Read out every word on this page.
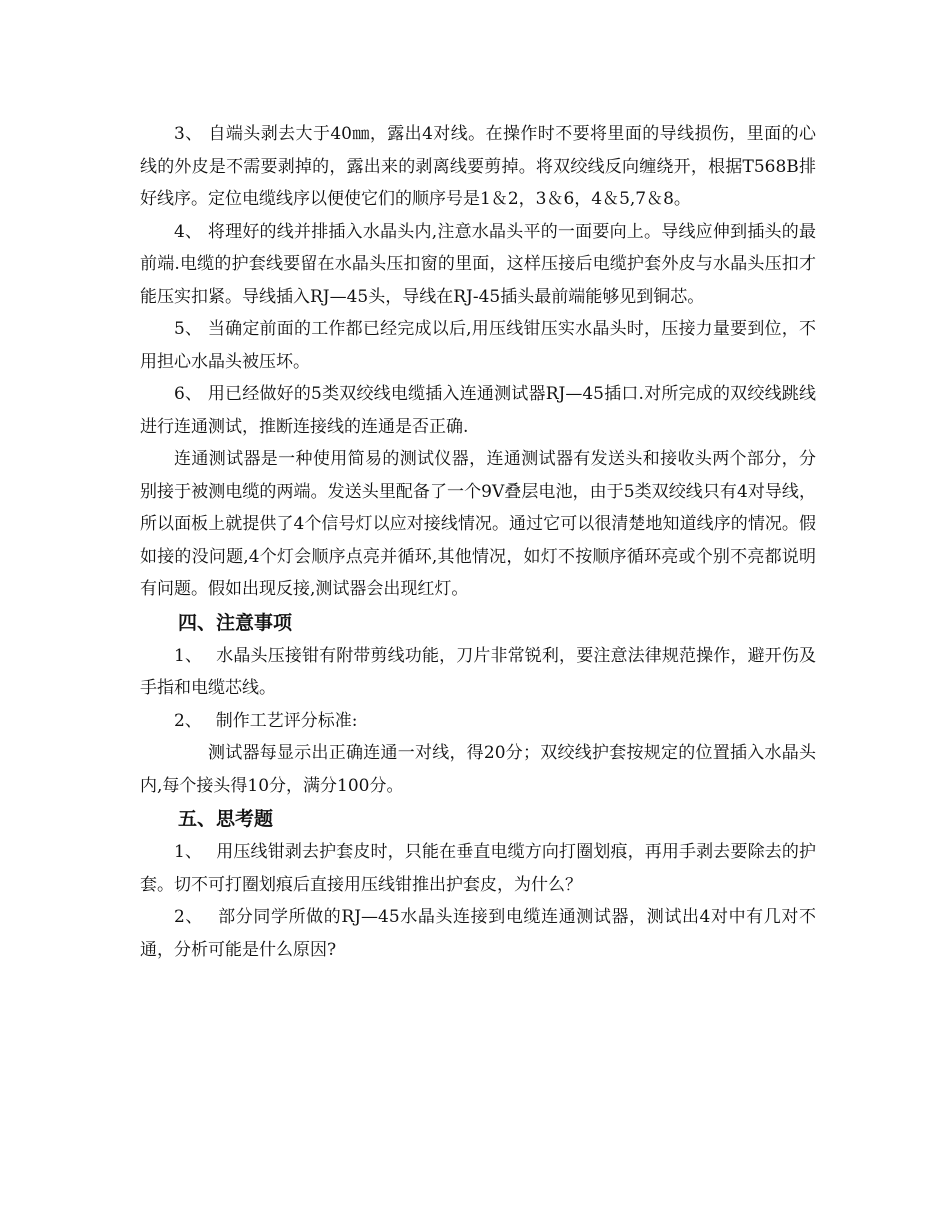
3、 自端头剥去大于40㎜，露出4对线。在操作时不要将里面的导线损伤，里面的心线的外皮是不需要剥掉的，露出来的剥离线要剪掉。将双绞线反向缠绕开，根据T568B排好线序。定位电缆线序以便使它们的顺序号是1＆2，3＆6，4＆5,7＆8。

4、 将理好的线并排插入水晶头内,注意水晶头平的一面要向上。导线应伸到插头的最前端.电缆的护套线要留在水晶头压扣窗的里面，这样压接后电缆护套外皮与水晶头压扣才能压实扣紧。导线插入RJ—45头，导线在RJ-45插头最前端能够见到铜芯。

5、 当确定前面的工作都已经完成以后,用压线钳压实水晶头时，压接力量要到位，不用担心水晶头被压坏。

6、 用已经做好的5类双绞线电缆插入连通测试器RJ—45插口.对所完成的双绞线跳线进行连通测试，推断连接线的连通是否正确.

连通测试器是一种使用简易的测试仪器，连通测试器有发送头和接收头两个部分，分别接于被测电缆的两端。发送头里配备了一个9V叠层电池，由于5类双绞线只有4对导线，所以面板上就提供了4个信号灯以应对接线情况。通过它可以很清楚地知道线序的情况。假如接的没问题,4个灯会顺序点亮并循环,其他情况，如灯不按顺序循环亮或个别不亮都说明有问题。假如出现反接,测试器会出现红灯。

四、注意事项

1、　 水晶头压接钳有附带剪线功能，刀片非常锐利，要注意法律规范操作，避开伤及手指和电缆芯线。

2、　 制作工艺评分标准:

测试器每显示出正确连通一对线，得20分；双绞线护套按规定的位置插入水晶头内,每个接头得10分，满分100分。

五、思考题

1、　 用压线钳剥去护套皮时，只能在垂直电缆方向打圈划痕，再用手剥去要除去的护套。切不可打圈划痕后直接用压线钳推出护套皮，为什么？

2、　 部分同学所做的RJ—45水晶头连接到电缆连通测试器，测试出4对中有几对不通，分析可能是什么原因?
